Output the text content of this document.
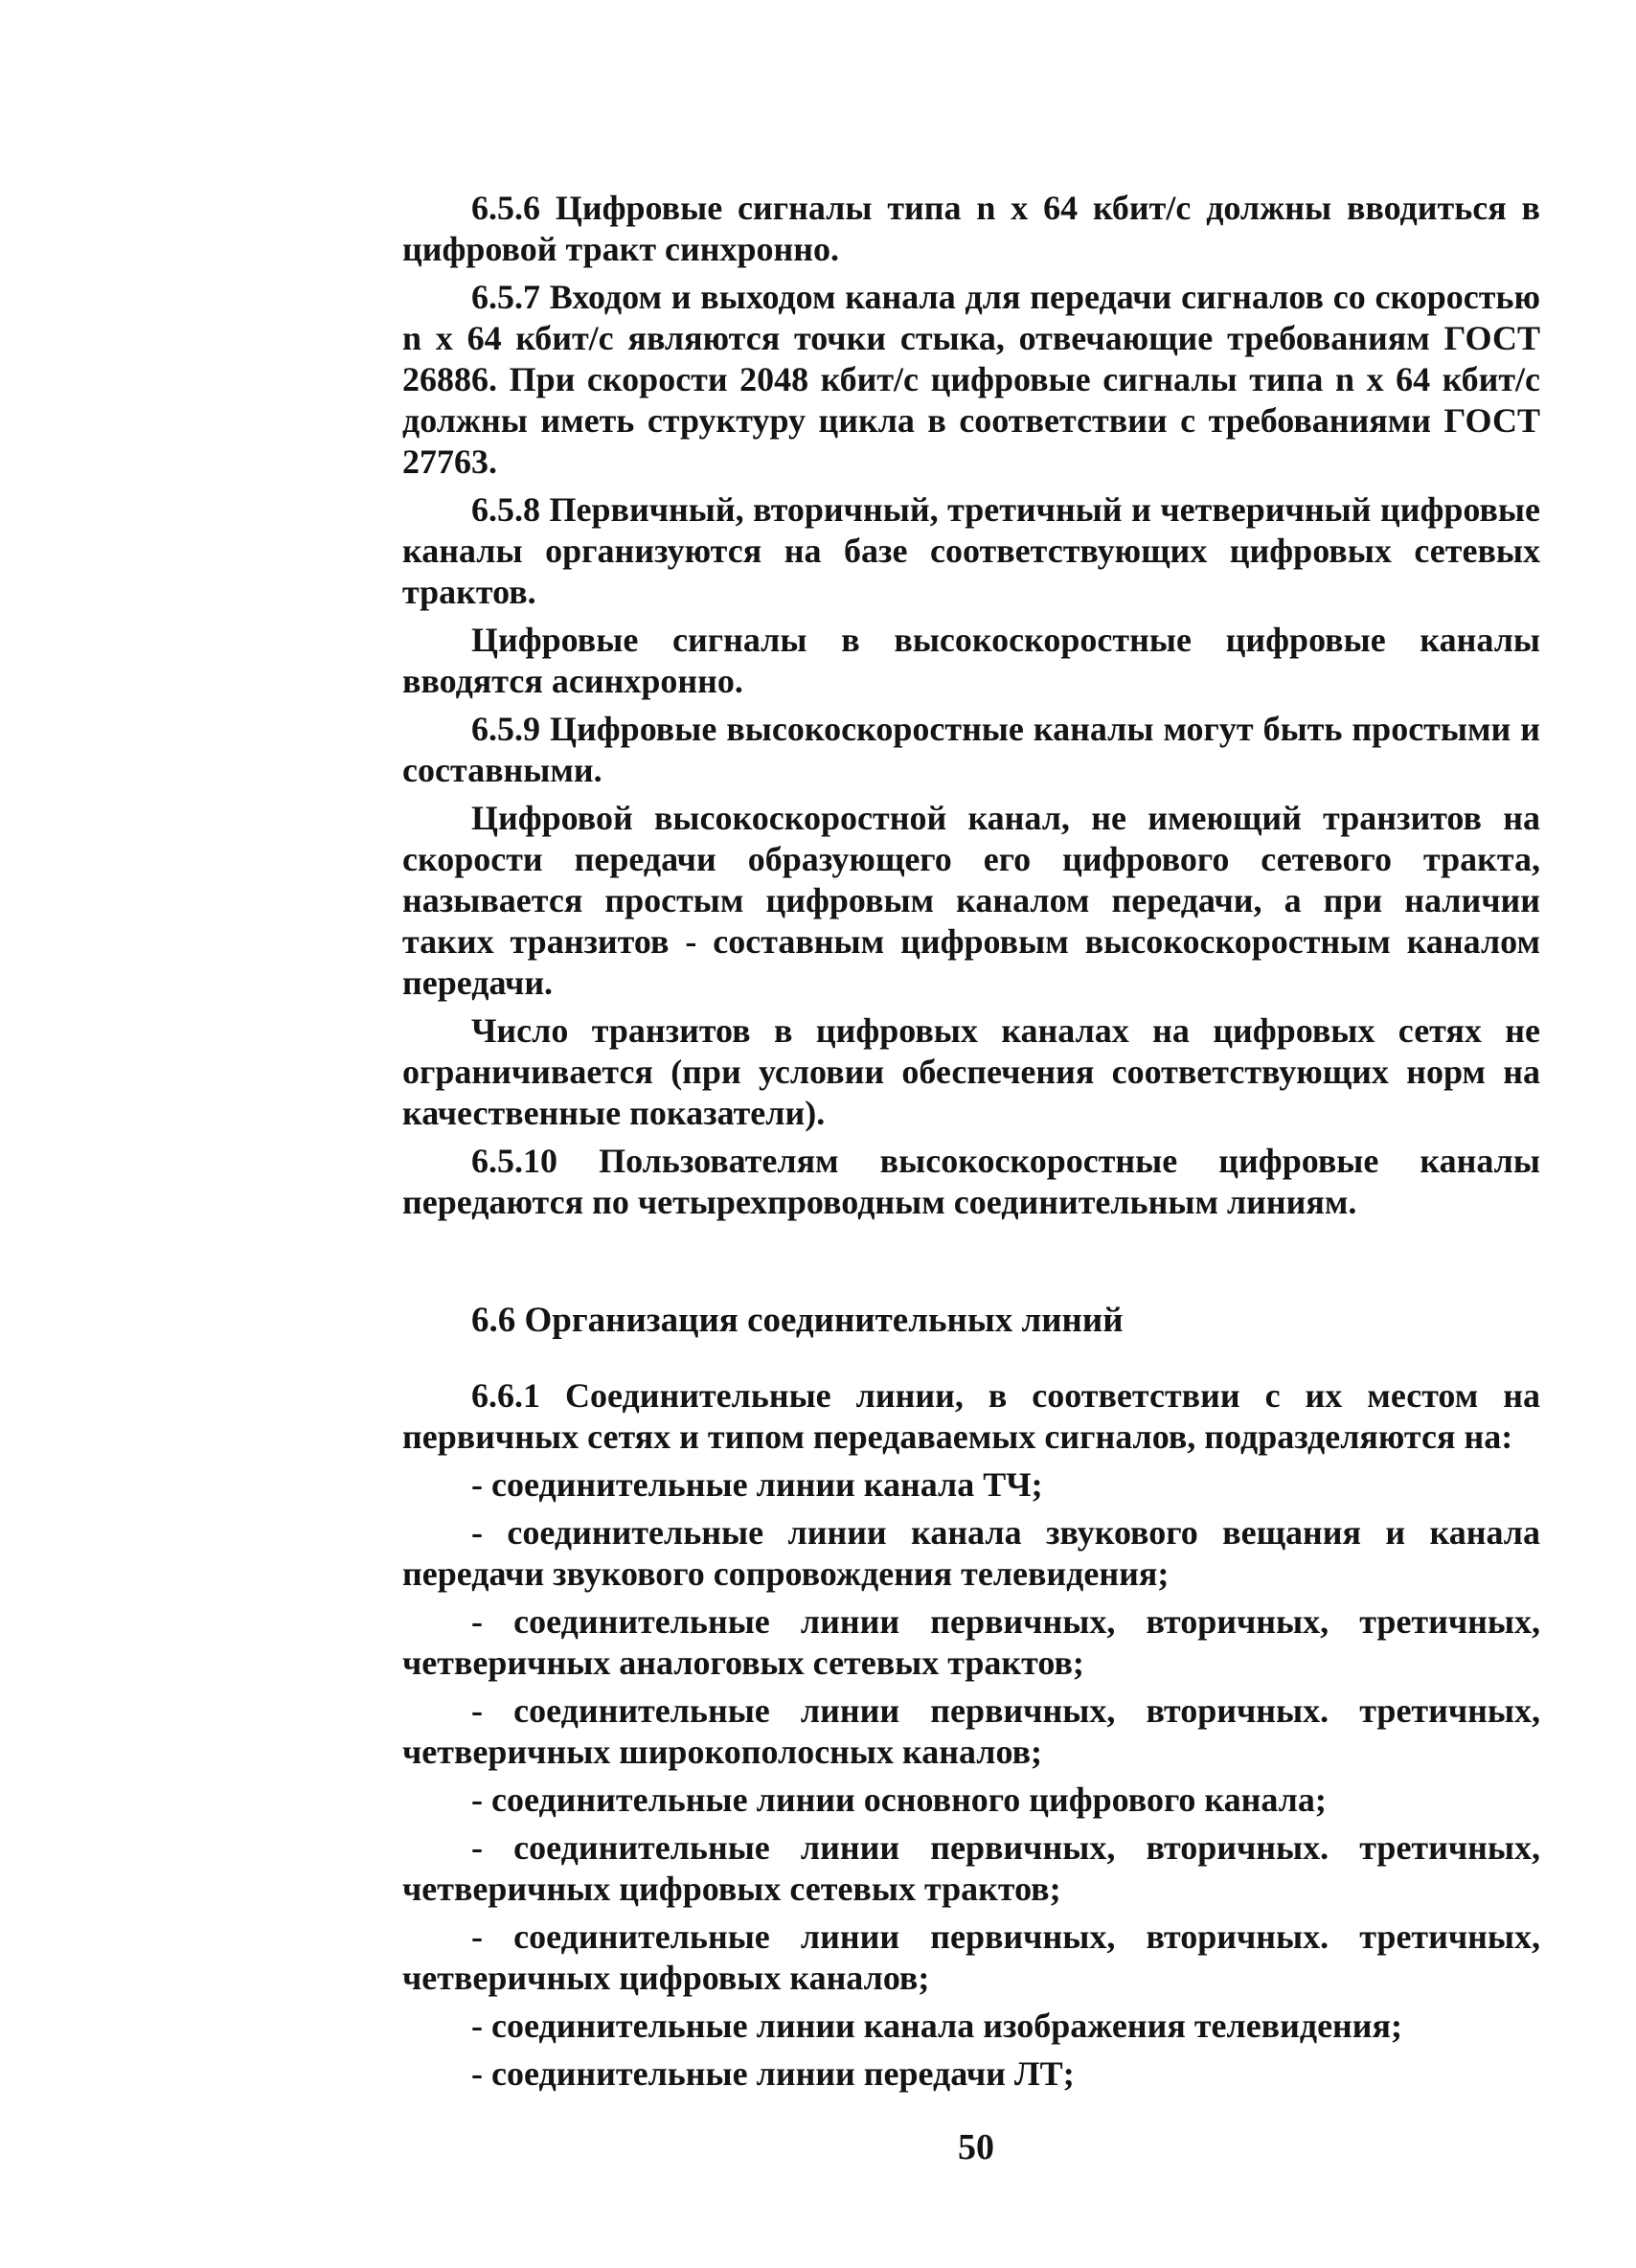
6.5.6 Цифровые сигналы типа n x 64 кбит/с должны вводиться в цифровой тракт синхронно.

6.5.7 Входом и выходом канала для передачи сигналов со скоростью n x 64 кбит/с являются точки стыка, отвечающие требованиям ГОСТ 26886. При скорости 2048 кбит/с цифровые сигналы типа n x 64 кбит/с должны иметь структуру цикла в соответствии с требованиями ГОСТ 27763.

6.5.8 Первичный, вторичный, третичный и четверичный цифровые каналы организуются на базе соответствующих цифровых сетевых трактов.

Цифровые сигналы в высокоскоростные цифровые каналы вводятся асинхронно.

6.5.9 Цифровые высокоскоростные каналы могут быть простыми и составными.

Цифровой высокоскоростной канал, не имеющий транзитов на скорости передачи образующего его цифрового сетевого тракта, называется простым цифровым каналом передачи, а при наличии таких транзитов - составным цифровым высокоскоростным каналом передачи.

Число транзитов в цифровых каналах на цифровых сетях не ограничивается (при условии обеспечения соответствующих норм на качественные показатели).

6.5.10 Пользователям высокоскоростные цифровые каналы передаются по четырехпроводным соединительным линиям.

6.6 Организация соединительных линий

6.6.1 Соединительные линии, в соответствии с их местом на первичных сетях и типом передаваемых сигналов, подразделяются на:

- соединительные линии канала ТЧ;

- соединительные линии канала звукового вещания и канала передачи звукового сопровождения телевидения;

- соединительные линии первичных, вторичных, третичных, четверичных аналоговых сетевых трактов;

- соединительные линии первичных, вторичных. третичных, четверичных широкополосных каналов;

- соединительные линии основного цифрового канала;

- соединительные линии первичных, вторичных. третичных, четверичных цифровых сетевых трактов;

- соединительные линии первичных, вторичных. третичных, четверичных цифровых каналов;

- соединительные линии канала изображения телевидения;

- соединительные линии передачи ЛТ;

50
